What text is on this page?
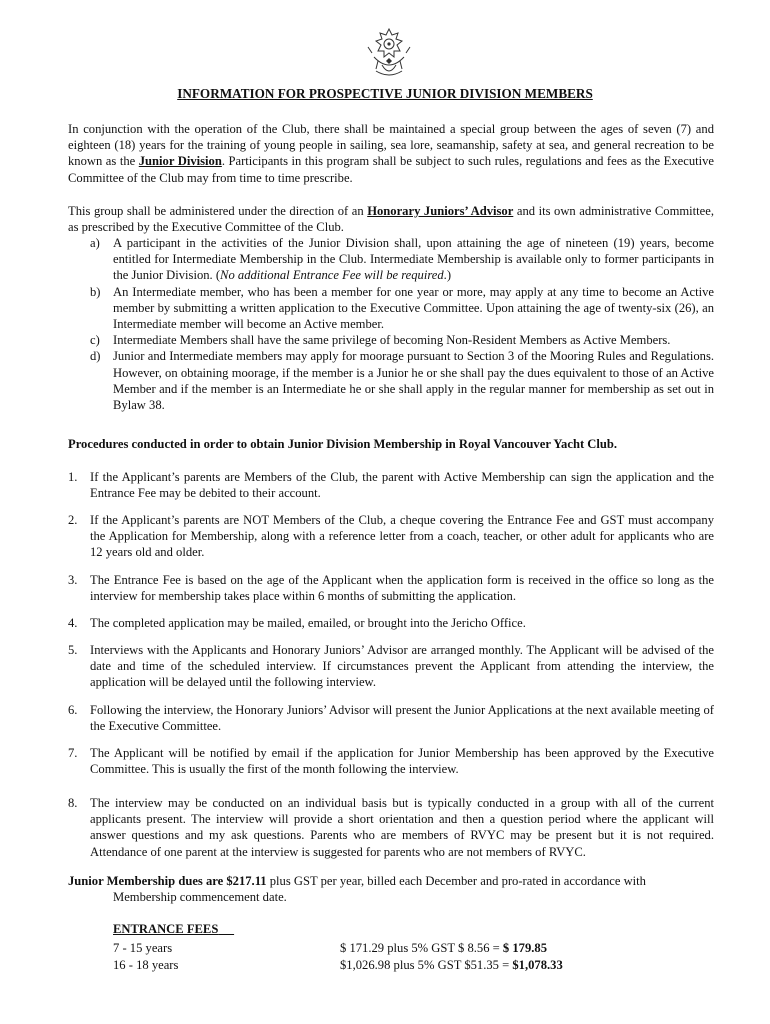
INFORMATION FOR PROSPECTIVE JUNIOR DIVISION MEMBERS
In conjunction with the operation of the Club, there shall be maintained a special group between the ages of seven (7) and eighteen (18) years for the training of young people in sailing, sea lore, seamanship, safety at sea, and general recreation to be known as the Junior Division. Participants in this program shall be subject to such rules, regulations and fees as the Executive Committee of the Club may from time to time prescribe.
This group shall be administered under the direction of an Honorary Juniors’ Advisor and its own administrative Committee, as prescribed by the Executive Committee of the Club.
a) A participant in the activities of the Junior Division shall, upon attaining the age of nineteen (19) years, become entitled for Intermediate Membership in the Club. Intermediate Membership is available only to former participants in the Junior Division. (No additional Entrance Fee will be required.)
b) An Intermediate member, who has been a member for one year or more, may apply at any time to become an Active member by submitting a written application to the Executive Committee. Upon attaining the age of twenty-six (26), an Intermediate member will become an Active member.
c) Intermediate Members shall have the same privilege of becoming Non-Resident Members as Active Members.
d) Junior and Intermediate members may apply for moorage pursuant to Section 3 of the Mooring Rules and Regulations. However, on obtaining moorage, if the member is a Junior he or she shall pay the dues equivalent to those of an Active Member and if the member is an Intermediate he or she shall apply in the regular manner for membership as set out in Bylaw 38.
Procedures conducted in order to obtain Junior Division Membership in Royal Vancouver Yacht Club.
1. If the Applicant’s parents are Members of the Club, the parent with Active Membership can sign the application and the Entrance Fee may be debited to their account.
2. If the Applicant’s parents are NOT Members of the Club, a cheque covering the Entrance Fee and GST must accompany the Application for Membership, along with a reference letter from a coach, teacher, or other adult for applicants who are 12 years old and older.
3. The Entrance Fee is based on the age of the Applicant when the application form is received in the office so long as the interview for membership takes place within 6 months of submitting the application.
4. The completed application may be mailed, emailed, or brought into the Jericho Office.
5. Interviews with the Applicants and Honorary Juniors’ Advisor are arranged monthly. The Applicant will be advised of the date and time of the scheduled interview. If circumstances prevent the Applicant from attending the interview, the application will be delayed until the following interview.
6. Following the interview, the Honorary Juniors’ Advisor will present the Junior Applications at the next available meeting of the Executive Committee.
7. The Applicant will be notified by email if the application for Junior Membership has been approved by the Executive Committee. This is usually the first of the month following the interview.
8. The interview may be conducted on an individual basis but is typically conducted in a group with all of the current applicants present. The interview will provide a short orientation and then a question period where the applicant will answer questions and my ask questions. Parents who are members of RVYC may be present but it is not required. Attendance of one parent at the interview is suggested for parents who are not members of RVYC.
Junior Membership dues are $217.11 plus GST per year, billed each December and pro-rated in accordance with
Membership commencement date.
ENTRANCE FEES
7 - 15 years	$ 171.29 plus 5% GST $ 8.56 = $ 179.85
16 - 18 years	$1,026.98 plus 5% GST $51.35 = $1,078.33
